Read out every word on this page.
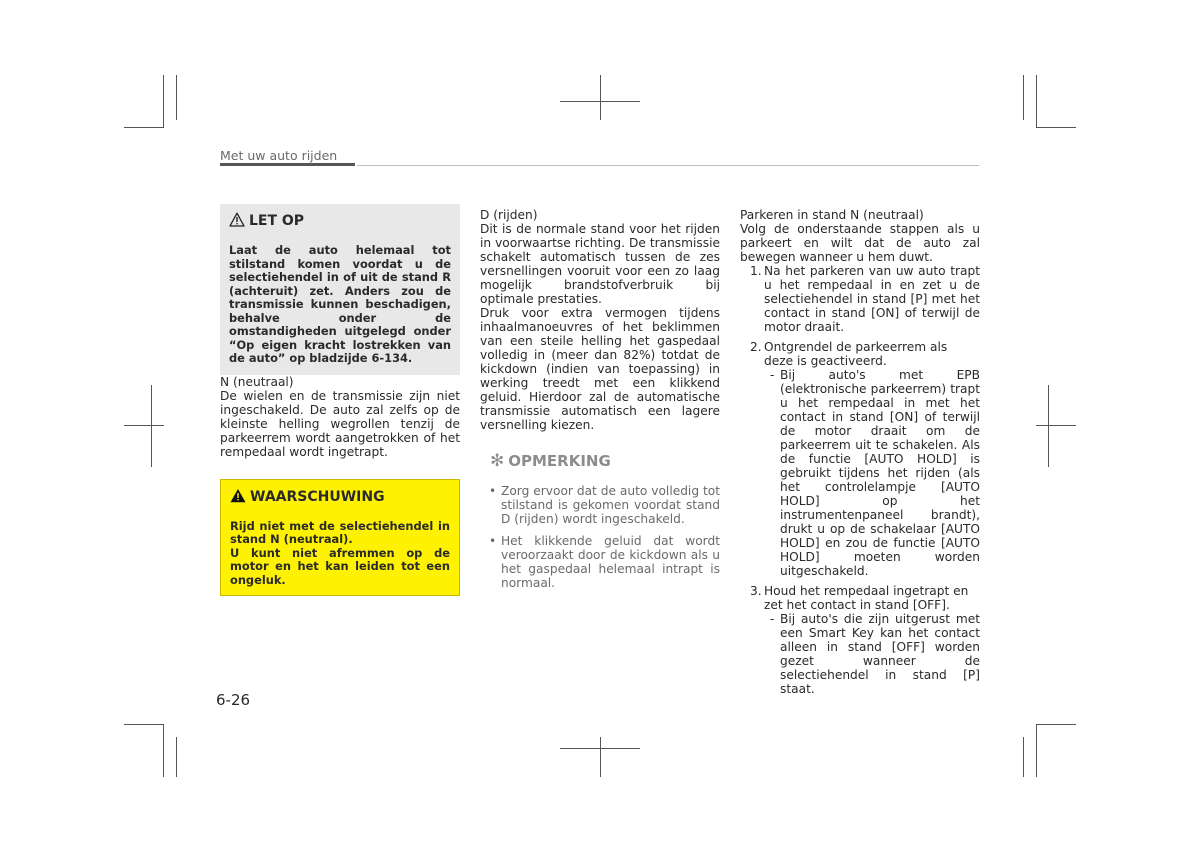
Met uw auto rijden
LET OP

Laat de auto helemaal tot stilstand komen voordat u de selectiehendel in of uit de stand R (achteruit) zet. Anders zou de transmissie kunnen beschadigen, behalve onder de omstandigheden uitgelegd onder “Op eigen kracht lostrekken van de auto” op bladzijde 6-134.

N (neutraal)

De wielen en de transmissie zijn niet ingeschakeld. De auto zal zelfs op de kleinste helling wegrollen tenzij de parkeerrem wordt aangetrokken of het rempedaal wordt ingetrapt.

WAARSCHUWING

Rijd niet met de selectiehendel in stand N (neutraal).

U kunt niet afremmen op de motor en het kan leiden tot een ongeluk.

D (rijden)

Dit is de normale stand voor het rijden in voorwaartse richting. De transmissie schakelt automatisch tussen de zes versnellingen vooruit voor een zo laag mogelijk brandstofverbruik bij optimale prestaties.

Druk voor extra vermogen tijdens inhaalmanoeuvres of het beklimmen van een steile helling het gaspedaal volledig in (meer dan 82%) totdat de kickdown (indien van toepassing) in werking treedt met een klikkend geluid. Hierdoor zal de automatische transmissie automatisch een lagere versnelling kiezen.

✻ OPMERKING
• Zorg ervoor dat de auto volledig tot stilstand is gekomen voordat stand D (rijden) wordt ingeschakeld.
• Het klikkende geluid dat wordt veroorzaakt door de kickdown als u het gaspedaal helemaal intrapt is normaal.

Parkeren in stand N (neutraal)

Volg de onderstaande stappen als u parkeert en wilt dat de auto zal bewegen wanneer u hem duwt.

1. Na het parkeren van uw auto trapt u het rempedaal in en zet u de selectiehendel in stand [P] met het contact in stand [ON] of terwijl de motor draait.
2. Ontgrendel de parkeerrem als deze is geactiveerd.
- Bij auto's met EPB (elektronische parkeerrem) trapt u het rempedaal in met het contact in stand [ON] of terwijl de motor draait om de parkeerrem uit te schakelen. Als de functie [AUTO HOLD] is gebruikt tijdens het rijden (als het controlelampje [AUTO HOLD] op het instrumentenpaneel brandt), drukt u op de schakelaar [AUTO HOLD] en zou de functie [AUTO HOLD] moeten worden uitgeschakeld.
3. Houd het rempedaal ingetrapt en zet het contact in stand [OFF].
- Bij auto's die zijn uitgerust met een Smart Key kan het contact alleen in stand [OFF] worden gezet wanneer de selectiehendel in stand [P] staat.
6-26
